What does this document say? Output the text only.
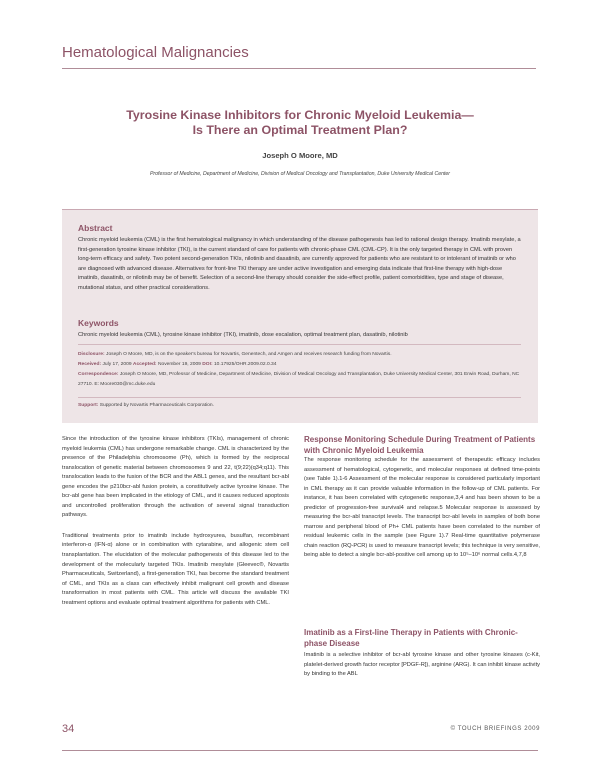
Hematological Malignancies
Tyrosine Kinase Inhibitors for Chronic Myeloid Leukemia—
Is There an Optimal Treatment Plan?
Joseph O Moore, MD
Professor of Medicine, Department of Medicine, Division of Medical Oncology and Transplantation, Duke University Medical Center
Abstract
Chronic myeloid leukemia (CML) is the first hematological malignancy in which understanding of the disease pathogenesis has led to rational design therapy. Imatinib mesylate, a first-generation tyrosine kinase inhibitor (TKI), is the current standard of care for patients with chronic-phase CML (CML-CP). It is the only targeted therapy in CML with proven long-term efficacy and safety. Two potent second-generation TKIs, nilotinib and dasatinib, are currently approved for patients who are resistant to or intolerant of imatinib or who are diagnosed with advanced disease. Alternatives for front-line TKI therapy are under active investigation and emerging data indicate that first-line therapy with high-dose imatinib, dasatinib, or nilotinib may be of benefit. Selection of a second-line therapy should consider the side-effect profile, patient comorbidities, type and stage of disease, mutational status, and other practical considerations.
Keywords
Chronic myeloid leukemia (CML), tyrosine kinase inhibitor (TKI), imatinib, dose escalation, optimal treatment plan, dasatinib, nilotinib
Disclosure: Joseph O Moore, MD, is on the speaker's bureau for Novartis, Genentech, and Amgen and receives research funding from Novartis.
Received: July 17, 2009 Accepted: November 19, 2009 DOI: 10.17925/OHR.2009.02.0.34
Correspondence: Joseph O Moore, MD, Professor of Medicine, Department of Medicine, Division of Medical Oncology and Transplantation, Duke University Medical Center, 301 Erwin Road, Durham, NC 27710. E: Moore030@mc.duke.edu
Support: Supported by Novartis Pharmaceuticals Corporation.

Since the introduction of the tyrosine kinase inhibitors (TKIs), management of chronic myeloid leukemia (CML) has undergone remarkable change. CML is characterized by the presence of the Philadelphia chromosome (Ph), which is formed by the reciprocal translocation of genetic material between chromosomes 9 and 22, t(9;22)(q34;q11). This translocation leads to the fusion of the BCR and the ABL1 genes, and the resultant bcr-abl gene encodes the p210bcr-abl fusion protein, a constitutively active tyrosine kinase. The bcr-abl gene has been implicated in the etiology of CML, and it causes reduced apoptosis and uncontrolled proliferation through the activation of several signal transduction pathways.

Traditional treatments prior to imatinib include hydroxyurea, busulfan, recombinant interferon-α (IFN-α) alone or in combination with cytarabine, and allogenic stem cell transplantation. The elucidation of the molecular pathogenesis of this disease led to the development of the molecularly targeted TKIs. Imatinib mesylate (Gleevec®, Novartis Pharmaceuticals, Switzerland), a first-generation TKI, has become the standard treatment of CML, and TKIs as a class can effectively inhibit malignant cell growth and disease transformation in most patients with CML. This article will discuss the available TKI treatment options and evaluate optimal treatment algorithms for patients with CML.

Response Monitoring Schedule During Treatment of Patients with Chronic Myeloid Leukemia
The response monitoring schedule for the assessment of therapeutic efficacy includes assessment of hematological, cytogenetic, and molecular responses at defined time-points (see Table 1).1-6 Assessment of the molecular response is considered particularly important in CML therapy as it can provide valuable information in the follow-up of CML patients. For instance, it has been correlated with cytogenetic response,3,4 and has been shown to be a predictor of progression-free survival4 and relapse.5 Molecular response is assessed by measuring the bcr-abl transcript levels. The transcript bcr-abl levels in samples of both bone marrow and peripheral blood of Ph+ CML patients have been correlated to the number of residual leukemic cells in the sample (see Figure 1).7 Real-time quantitative polymerase chain reaction (RQ-PCR) is used to measure transcript levels; this technique is very sensitive, being able to detect a single bcr-abl-positive cell among up to 10⁵–10⁶ normal cells.4,7,8
Imatinib as a First-line Therapy in Patients with Chronic-phase Disease
Imatinib is a selective inhibitor of bcr-abl tyrosine kinase and other tyrosine kinases (c-Kit, platelet-derived growth factor receptor [PDGF-R]), arginine (ARG). It can inhibit kinase activity by binding to the ABL
34	© TOUCH BRIEFINGS 2009
